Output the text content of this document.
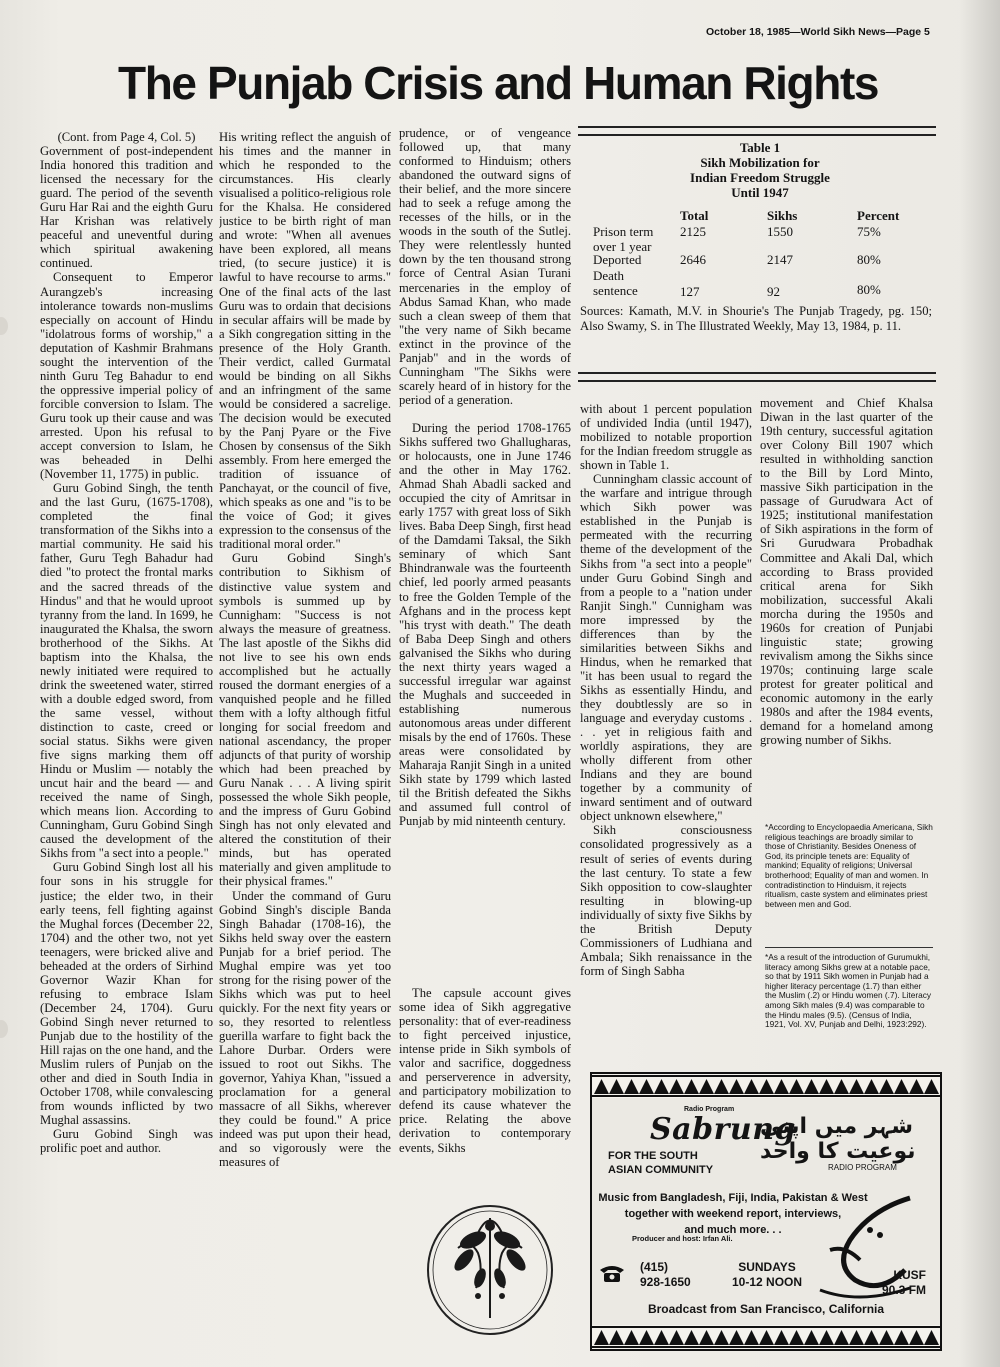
October 18, 1985—World Sikh News—Page 5
The Punjab Crisis and Human Rights

(Cont. from Page 4, Col. 5)

Government of post-independent India honored this tradition and licensed the necessary for the guard. The period of the seventh Guru Har Rai and the eighth Guru Har Krishan was relatively peaceful and uneventful during which spiritual awakening continued.

Consequent to Emperor Aurangzeb's increasing intolerance towards non-muslims especially on account of Hindu "idolatrous forms of worship," a deputation of Kashmir Brahmans sought the intervention of the ninth Guru Teg Bahadur to end the oppressive imperial policy of forcible conversion to Islam. The Guru took up their cause and was arrested. Upon his refusal to accept conversion to Islam, he was beheaded in Delhi (November 11, 1775) in public.

Guru Gobind Singh, the tenth and the last Guru, (1675-1708), completed the final transformation of the Sikhs into a martial community. He said his father, Guru Tegh Bahadur had died "to protect the frontal marks and the sacred threads of the Hindus" and that he would uproot tyranny from the land. In 1699, he inaugurated the Khalsa, the sworn brotherhood of the Sikhs. At baptism into the Khalsa, the newly initiated were required to drink the sweetened water, stirred with a double edged sword, from the same vessel, without distinction to caste, creed or social status. Sikhs were given five signs marking them off Hindu or Muslim — notably the uncut hair and the beard — and received the name of Singh, which means lion. According to Cunningham, Guru Gobind Singh caused the development of the Sikhs from "a sect into a people."

Guru Gobind Singh lost all his four sons in his struggle for justice; the elder two, in their early teens, fell fighting against the Mughal forces (December 22, 1704) and the other two, not yet teenagers, were bricked alive and beheaded at the orders of Sirhind Governor Wazir Khan for refusing to embrace Islam (December 24, 1704). Guru Gobind Singh never returned to Punjab due to the hostility of the Hill rajas on the one hand, and the Muslim rulers of Punjab on the other and died in South India in October 1708, while convalescing from wounds inflicted by two Mughal assassins.

Guru Gobind Singh was prolific poet and author.

His writing reflect the anguish of his times and the manner in which he responded to the circumstances. His clearly visualised a politico-religious role for the Khalsa. He considered justice to be birth right of man and wrote: "When all avenues have been explored, all means tried, (to secure justice) it is lawful to have recourse to arms." One of the final acts of the last Guru was to ordain that decisions in secular affairs will be made by a Sikh congregation sitting in the presence of the Holy Granth. Their verdict, called Gurmatal would be binding on all Sikhs and an infringment of the same would be considered a sacrelige. The decision would be executed by the Panj Pyare or the Five Chosen by consensus of the Sikh assembly. From here emerged the tradition of issuance of Panchayat, or the council of five, which speaks as one and "is to be the voice of God; it gives expression to the consensus of the traditional moral order."

Guru Gobind Singh's contribution to Sikhism of distinctive value system and symbols is summed up by Cunnigham: "Success is not always the measure of greatness. The last apostle of the Sikhs did not live to see his own ends accomplished but he actually roused the dormant energies of a vanquished people and he filled them with a lofty although fitful longing for social freedom and national ascendancy, the proper adjuncts of that purity of worship which had been preached by Guru Nanak . . . A living spirit possessed the whole Sikh people, and the impress of Guru Gobind Singh has not only elevated and altered the constitution of their minds, but has operated materially and given amplitude to their physical frames."

Under the command of Guru Gobind Singh's disciple Banda Singh Bahadar (1708-16), the Sikhs held sway over the eastern Punjab for a brief period. The Mughal empire was yet too strong for the rising power of the Sikhs which was put to heel quickly. For the next fity years or so, they resorted to relentless guerilla warfare to fight back the Lahore Durbar. Orders were issued to root out Sikhs. The governor, Yahiya Khan, "issued a proclamation for a general massacre of all Sikhs, wherever they could be found." A price indeed was put upon their head, and so vigorously were the measures of

prudence, or of vengeance followed up, that many conformed to Hinduism; others abandoned the outward signs of their belief, and the more sincere had to seek a refuge among the recesses of the hills, or in the woods in the south of the Sutlej. They were relentlessly hunted down by the ten thousand strong force of Central Asian Turani mercenaries in the employ of Abdus Samad Khan, who made such a clean sweep of them that "the very name of Sikh became extinct in the province of the Panjab" and in the words of Cunningham "The Sikhs were scarely heard of in history for the period of a generation.

During the period 1708-1765 Sikhs suffered two Ghallugharas, or holocausts, one in June 1746 and the other in May 1762. Ahmad Shah Abadli sacked and occupied the city of Amritsar in early 1757 with great loss of Sikh lives. Baba Deep Singh, first head of the Damdami Taksal, the Sikh seminary of which Sant Bhindranwale was the fourteenth chief, led poorly armed peasants to free the Golden Temple of the Afghans and in the process kept "his tryst with death." The death of Baba Deep Singh and others galvanised the Sikhs who during the next thirty years waged a successful irregular war against the Mughals and succeeded in establishing numerous autonomous areas under different misals by the end of 1760s. These areas were consolidated by Maharaja Ranjit Singh in a united Sikh state by 1799 which lasted til the British defeated the Sikhs and assumed full control of Punjab by mid ninteenth century.

The capsule account gives some idea of Sikh aggregative personality: that of ever-readiness to fight perceived injustice, intense pride in Sikh symbols of valor and sacrifice, doggedness and perserverence in adversity, and participatory mobilization to defend its cause whatever the price. Relating the above derivation to contemporary events, Sikhs

with about 1 percent population of undivided India (until 1947), mobilized to notable proportion for the Indian freedom struggle as shown in Table 1.

Cunningham classic account of the warfare and intrigue through which Sikh power was established in the Punjab is permeated with the recurring theme of the development of the Sikhs from "a sect into a people" under Guru Gobind Singh and from a people to a "nation under Ranjit Singh." Cunnigham was more impressed by the differences than by the similarities between Sikhs and Hindus, when he remarked that "it has been usual to regard the Sikhs as essentially Hindu, and they doubtlessly are so in language and everyday customs . . . yet in religious faith and worldly aspirations, they are wholly different from other Indians and they are bound together by a community of inward sentiment and of outward object unknown elsewhere,"

Sikh consciousness consolidated progressively as a result of series of events during the last century. To state a few Sikh opposition to cow-slaughter resulting in blowing-up individually of sixty five Sikhs by the British Deputy Commissioners of Ludhiana and Ambala; Sikh renaissance in the form of Singh Sabha

movement and Chief Khalsa Diwan in the last quarter of the 19th century, successful agitation over Colony Bill 1907 which resulted in withholding sanction to the Bill by Lord Minto, massive Sikh participation in the passage of Gurudwara Act of 1925; institutional manifestation of Sikh aspirations in the form of Sri Gurudwara Probadhak Committee and Akali Dal, which according to Brass provided critical arena for Sikh mobilization, successful Akali morcha during the 1950s and 1960s for creation of Punjabi linguistic state; growing revivalism among the Sikhs since 1970s; continuing large scale protest for greater political and economic automony in the early 1980s and after the 1984 events, demand for a homeland among growing number of Sikhs.

*According to Encyclopaedia Americana, Sikh religious teachings are broadly similar to those of Christianity. Besides Oneness of God, its principle tenets are: Equality of mankind; Equality of religions; Universal brotherhood; Equality of man and women. In contradistinction to Hinduism, it rejects ritualism, caste system and eliminates priest between men and God.
*As a result of the introduction of Gurumukhi, literacy among Sikhs grew at a notable pace, so that by 1911 Sikh women in Punjab had a higher literacy percentage (1.7) than either the Muslim (.2) or Hindu women (.7). Literacy among Sikh males (9.4) was comparable to the Hindu males (9.5). (Census of India, 1921, Vol. XV, Punjab and Delhi, 1923:292).
Table 1
Sikh Mobilization for
Indian Freedom Struggle
Until 1947
Total	Sikhs	Percent
Prison term
over 1 year
2125	1550	75%
Deported	2646	2147	80%
Death
sentence	127	92	80%
Sources: Kamath, M.V. in Shourie's The Punjab Tragedy, pg. 150; Also Swamy, S. in The Illustrated Weekly, May 13, 1984, p. 11.
Radio Program
Sabrung
شہر میں اپنی نوعیت کا واحد
FOR THE SOUTH
ASIAN COMMUNITY	RADIO PROGRAM
Music from Bangladesh, Fiji, India, Pakistan & West
together with weekend report, interviews,
and much more. . .
Producer and host: Irfan Ali.
سبرنگ
(415)
928-1650
SUNDAYS
10-12 NOON	KUSF
90.3 FM
Broadcast from San Francisco, California
